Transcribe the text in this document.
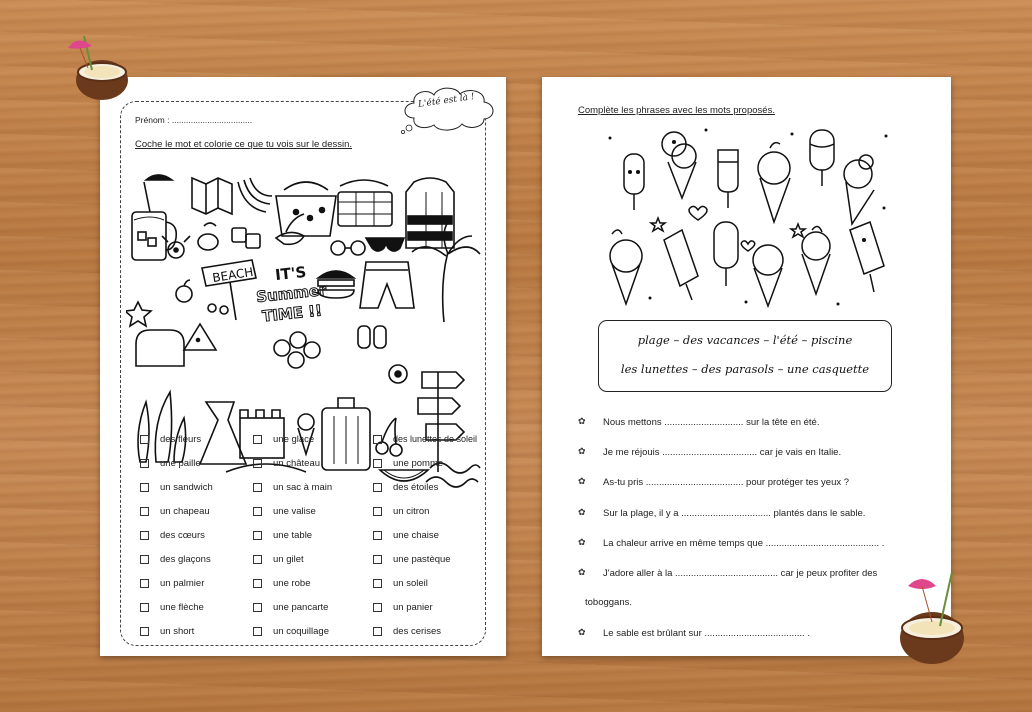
Prénom : ..................................
L'été est là !
Coche le mot et colorie ce que tu vois sur le dessin.
BEACH IT'S
Summer
TIME !!
des fleurs
une paille
un sandwich
un chapeau
des cœurs
des glaçons
un palmier
une flèche
un short
une glace
un château
un sac à main
une valise
une table
un gilet
une robe
une pancarte
un coquillage
des lunettes de soleil
une pomme
des étoiles
un citron
une chaise
une pastèque
un soleil
un panier
des cerises
Complète les phrases avec les mots proposés.
plage – des vacances – l'été – piscine
les lunettes – des parasols – une casquette
✿ Nous mettons .............................. sur la tête en été.
✿ Je me réjouis .................................... car je vais en Italie.
✿ As-tu pris ..................................... pour protéger tes yeux ?
✿ Sur la plage, il y a .................................. plantés dans le sable.
✿ La chaleur arrive en même temps que ........................................... .
✿ J'adore aller à la ....................................... car je peux profiter des
toboggans.
✿ Le sable est brûlant sur ...................................... .
